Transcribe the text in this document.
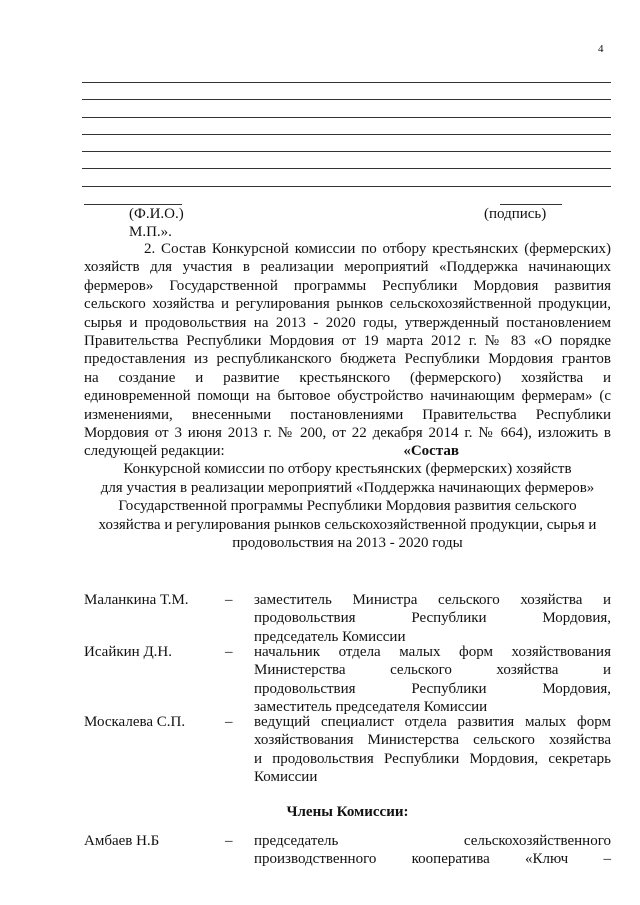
4
(Ф.И.О.)	(подпись)
М.П.».
2. Состав Конкурсной комиссии по отбору крестьянских (фермерских)
хозяйств для участия в реализации мероприятий «Поддержка начинающих
фермеров» Государственной программы Республики Мордовия развития
сельского хозяйства и регулирования рынков сельскохозяйственной продукции,
сырья и продовольствия на 2013 - 2020 годы, утвержденный постановлением
Правительства Республики Мордовия от 19 марта 2012 г. № 83 «О порядке
предоставления из республиканского бюджета Республики Мордовия грантов
на создание и развитие крестьянского (фермерского) хозяйства и
единовременной помощи на бытовое обустройство начинающим фермерам» (с
изменениями, внесенными постановлениями Правительства Республики
Мордовия от 3 июня 2013 г. № 200, от 22 декабря 2014 г. № 664), изложить в
следующей редакции:	«Состав
Конкурсной комиссии по отбору крестьянских (фермерских) хозяйств
для участия в реализации мероприятий «Поддержка начинающих фермеров»
Государственной программы Республики Мордовия развития сельского
хозяйства и регулирования рынков сельскохозяйственной продукции, сырья и
продовольствия на 2013 - 2020 годы
Маланкина Т.М. – заместитель Министра сельского хозяйства и
продовольствия Республики Мордовия,
председатель Комиссии
Исайкин Д.Н.	– начальник отдела малых форм хозяйствования
Министерства сельского хозяйства и
продовольствия Республики Мордовия,
заместитель председателя Комиссии
Москалева С.П.	– ведущий специалист отдела развития малых форм
хозяйствования Министерства сельского хозяйства
и продовольствия Республики Мордовия, секретарь
Комиссии
Члены Комиссии:
Амбаев Н.Б	– председатель сельскохозяйственного
производственного кооператива «Ключ –
